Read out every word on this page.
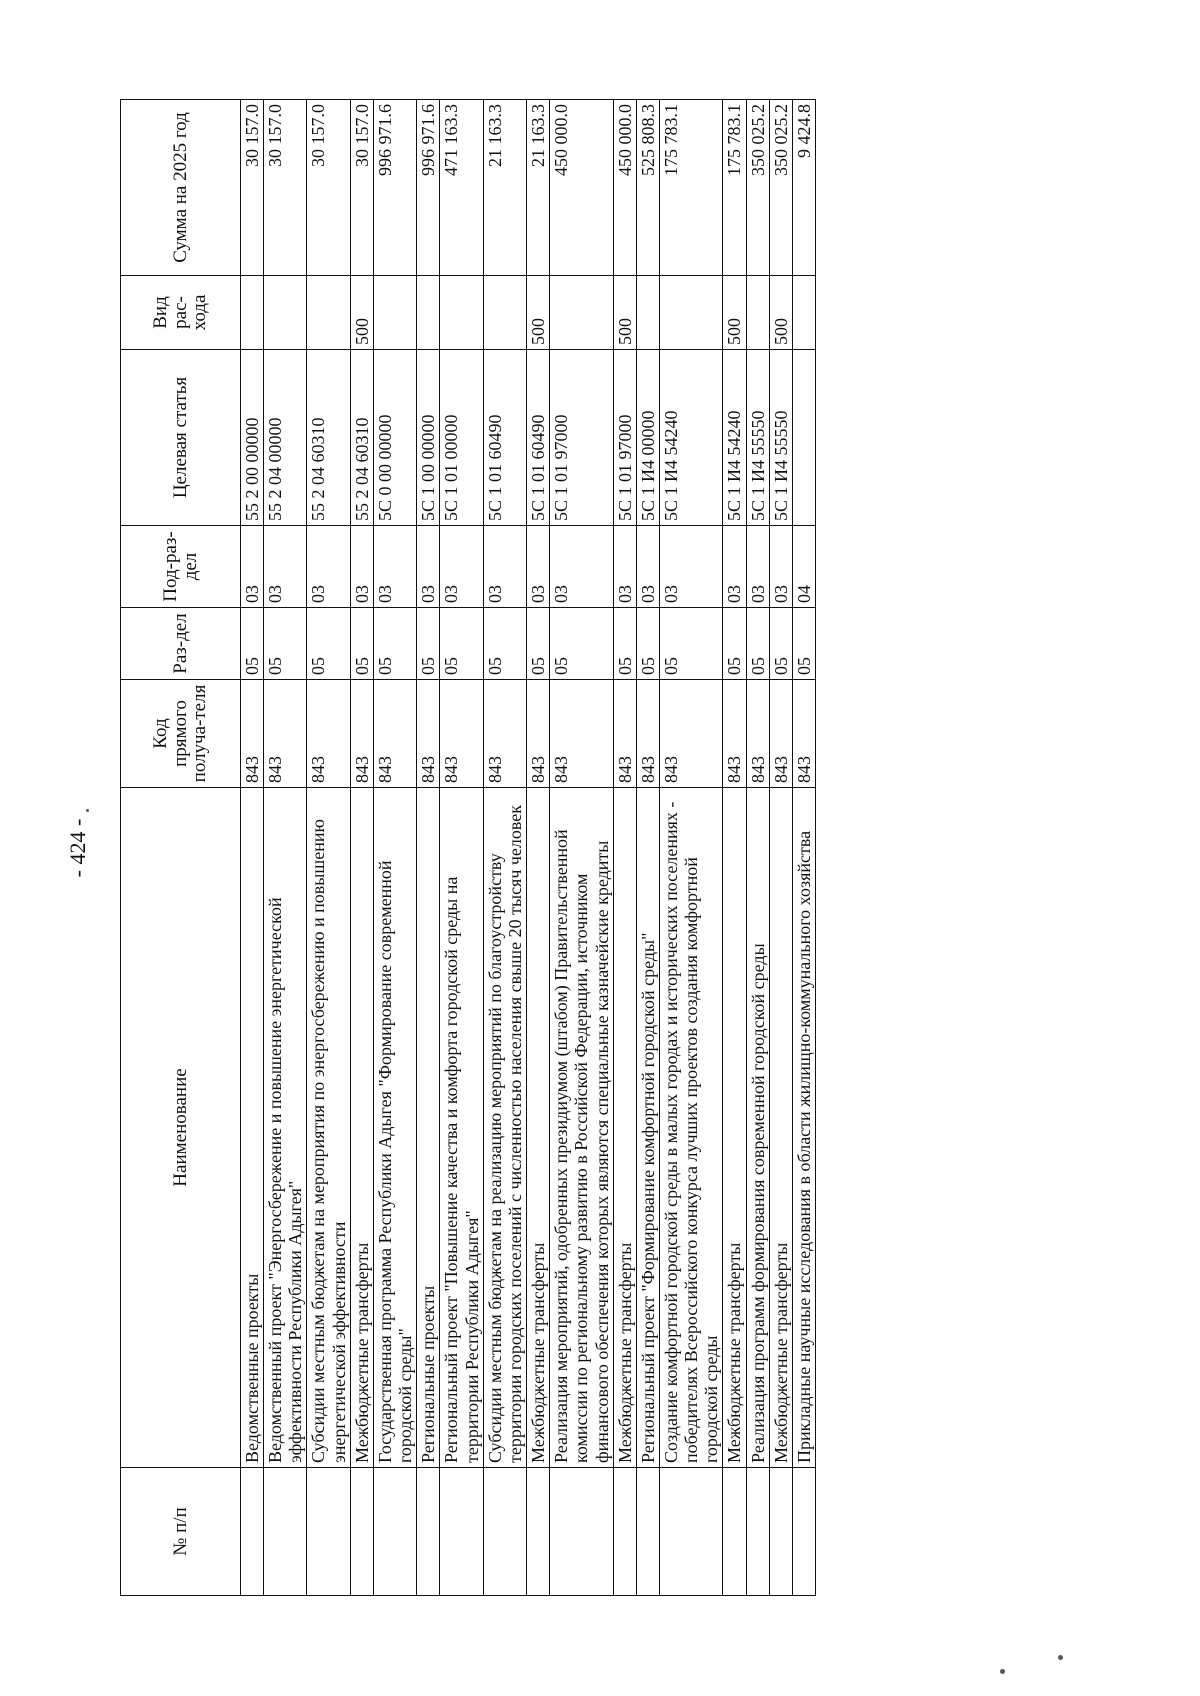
- 424 -
№ п/п	Наименование	Код прямого получа-теля	Раз-дел	Под-раз-дел	Целевая статья	Вид рас-хода	Сумма на 2025 год
	Ведомственные проекты	843	05	03	55 2 00 00000		30 157.0
	Ведомственный проект "Энергосбережение и повышение энергетической эффективности Республики Адыгея"	843	05	03	55 2 04 00000		30 157.0
	Субсидии местным бюджетам на мероприятия по энергосбережению и повышению энергетической эффективности	843	05	03	55 2 04 60310		30 157.0
	Межбюджетные трансферты	843	05	03	55 2 04 60310	500	30 157.0
	Государственная программа Республики Адыгея "Формирование современной городской среды"	843	05	03	5С 0 00 00000		996 971.6
	Региональные проекты	843	05	03	5С 1 00 00000		996 971.6
	Региональный проект "Повышение качества и комфорта городской среды на территории Республики Адыгея"	843	05	03	5С 1 01 00000		471 163.3
	Субсидии местным бюджетам на реализацию мероприятий по благоустройству территории городских поселений с численностью населения свыше 20 тысяч человек	843	05	03	5С 1 01 60490		21 163.3
	Межбюджетные трансферты	843	05	03	5С 1 01 60490	500	21 163.3
	Реализация мероприятий, одобренных президиумом (штабом) Правительственной комиссии по региональному развитию в Российской Федерации, источником финансового обеспечения которых являются специальные казначейские кредиты	843	05	03	5С 1 01 97000		450 000.0
	Межбюджетные трансферты	843	05	03	5С 1 01 97000	500	450 000.0
	Региональный проект "Формирование комфортной городской среды"	843	05	03	5С 1 И4 00000		525 808.3
	Создание комфортной городской среды в малых городах и исторических поселениях - победителях Всероссийского конкурса лучших проектов создания комфортной городской среды	843	05	03	5С 1 И4 54240		175 783.1
	Межбюджетные трансферты	843	05	03	5С 1 И4 54240	500	175 783.1
	Реализация программ формирования современной городской среды	843	05	03	5С 1 И4 55550		350 025.2
	Межбюджетные трансферты	843	05	03	5С 1 И4 55550	500	350 025.2
	Прикладные научные исследования в области жилищно-коммунального хозяйства	843	05	04			9 424.8
